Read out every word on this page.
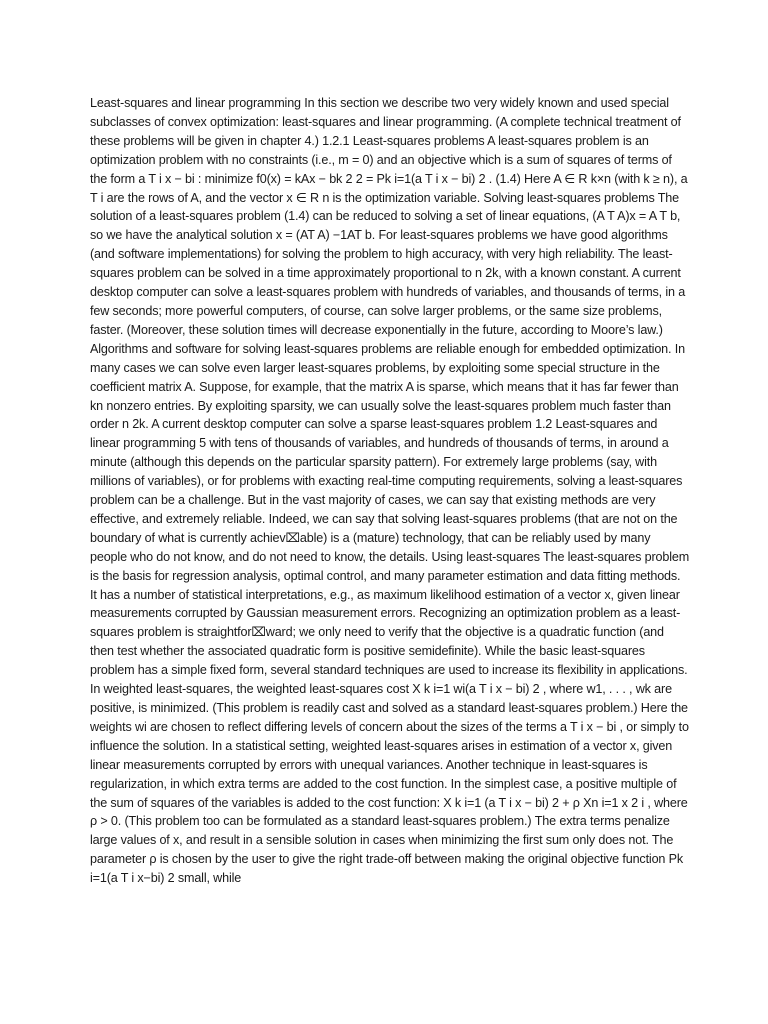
Least-squares and linear programming In this section we describe two very widely known and used special subclasses of convex optimization: least-squares and linear programming. (A complete technical treatment of these problems will be given in chapter 4.) 1.2.1 Least-squares problems A least-squares problem is an optimization problem with no constraints (i.e., m = 0) and an objective which is a sum of squares of terms of the form a T i x − bi : minimize f0(x) = kAx − bk 2 2 = Pk i=1(a T i x − bi) 2 . (1.4) Here A ∈ R k×n (with k ≥ n), a T i are the rows of A, and the vector x ∈ R n is the optimization variable. Solving least-squares problems The solution of a least-squares problem (1.4) can be reduced to solving a set of linear equations, (A T A)x = A T b, so we have the analytical solution x = (AT A) −1AT b. For least-squares problems we have good algorithms (and software implementations) for solving the problem to high accuracy, with very high reliability. The least-squares problem can be solved in a time approximately proportional to n 2k, with a known constant. A current desktop computer can solve a least-squares problem with hundreds of variables, and thousands of terms, in a few seconds; more powerful computers, of course, can solve larger problems, or the same size problems, faster. (Moreover, these solution times will decrease exponentially in the future, according to Moore’s law.) Algorithms and software for solving least-squares problems are reliable enough for embedded optimization. In many cases we can solve even larger least-squares problems, by exploiting some special structure in the coefficient matrix A. Suppose, for example, that the matrix A is sparse, which means that it has far fewer than kn nonzero entries. By exploiting sparsity, we can usually solve the least-squares problem much faster than order n 2k. A current desktop computer can solve a sparse least-squares problem 1.2 Least-squares and linear programming 5 with tens of thousands of variables, and hundreds of thousands of terms, in around a minute (although this depends on the particular sparsity pattern). For extremely large problems (say, with millions of variables), or for problems with exacting real-time computing requirements, solving a least-squares problem can be a challenge. But in the vast majority of cases, we can say that existing methods are very effective, and extremely reliable. Indeed, we can say that solving least-squares problems (that are not on the boundary of what is currently achiev⌧able) is a (mature) technology, that can be reliably used by many people who do not know, and do not need to know, the details. Using least-squares The least-squares problem is the basis for regression analysis, optimal control, and many parameter estimation and data fitting methods. It has a number of statistical interpretations, e.g., as maximum likelihood estimation of a vector x, given linear measurements corrupted by Gaussian measurement errors. Recognizing an optimization problem as a least-squares problem is straightfor⌧ward; we only need to verify that the objective is a quadratic function (and then test whether the associated quadratic form is positive semidefinite). While the basic least-squares problem has a simple fixed form, several standard techniques are used to increase its flexibility in applications. In weighted least-squares, the weighted least-squares cost X k i=1 wi(a T i x − bi) 2 , where w1, . . . , wk are positive, is minimized. (This problem is readily cast and solved as a standard least-squares problem.) Here the weights wi are chosen to reflect differing levels of concern about the sizes of the terms a T i x − bi , or simply to influence the solution. In a statistical setting, weighted least-squares arises in estimation of a vector x, given linear measurements corrupted by errors with unequal variances. Another technique in least-squares is regularization, in which extra terms are added to the cost function. In the simplest case, a positive multiple of the sum of squares of the variables is added to the cost function: X k i=1 (a T i x − bi) 2 + ρ Xn i=1 x 2 i , where ρ > 0. (This problem too can be formulated as a standard least-squares problem.) The extra terms penalize large values of x, and result in a sensible solution in cases when minimizing the first sum only does not. The parameter ρ is chosen by the user to give the right trade-off between making the original objective function Pk i=1(a T i x−bi) 2 small, while
